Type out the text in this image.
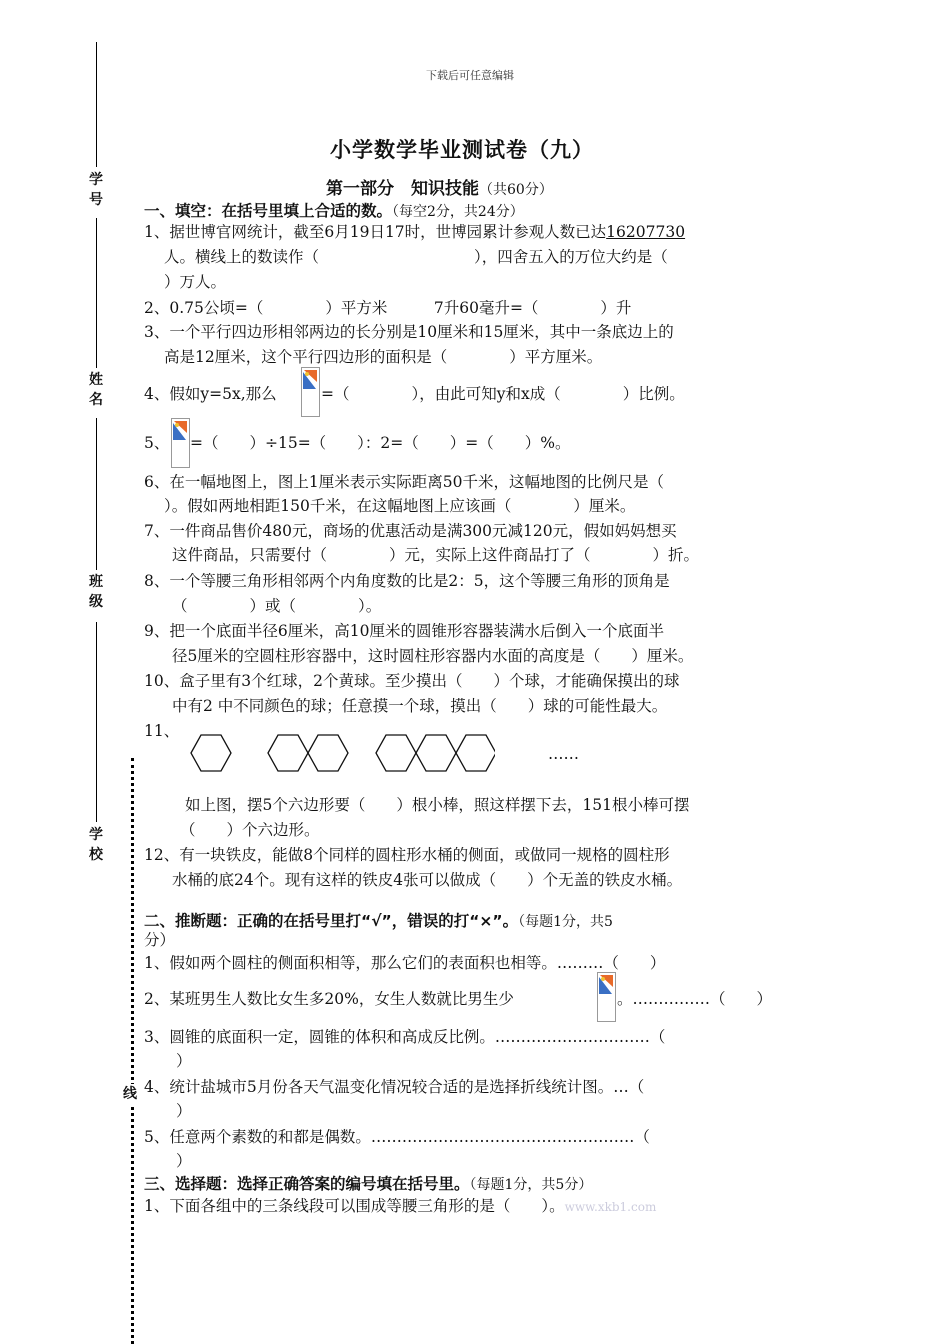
下载后可任意编辑
学　号
姓　名
班　级
学校
线
小学数学毕业测试卷（九）
第一部分　知识技能（共60分）
一、填空：在括号里填上合适的数。（每空2分，共24分）
1、据世博官网统计，截至6月19日17时，世博园累计参观人数已达16207730
人。横线上的数读作（　　　　　　　　　　），四舍五入的万位大约是（
）万人。
2、0.75公顷=（　　　　）平方米　　　7升60毫升=（　　　　）升
3、一个平行四边形相邻两边的长分别是10厘米和15厘米，其中一条底边上的
高是12厘米，这个平行四边形的面积是（　　　　）平方厘米。
4、假如y=5x,那么	=（　　　　），由此可知y和x成（　　　　）比例。
5、 =（　　）÷15=（　　）：2=（　　）=（　　）%。
6、在一幅地图上，图上1厘米表示实际距离50千米，这幅地图的比例尺是（
）。假如两地相距150千米，在这幅地图上应该画（　　　　）厘米。
7、一件商品售价480元，商场的优惠活动是满300元减120元，假如妈妈想买
这件商品，只需要付（　　　　）元，实际上这件商品打了（　　　　）折。
8、一个等腰三角形相邻两个内角度数的比是2：5，这个等腰三角形的顶角是
（　　　　）或（　　　　）。
9、把一个底面半径6厘米，高10厘米的圆锥形容器装满水后倒入一个底面半
径5厘米的空圆柱形容器中，这时圆柱形容器内水面的高度是（　　）厘米。
10、盒子里有3个红球，2个黄球。至少摸出（　　）个球，才能确保摸出的球
中有2 中不同颜色的球；任意摸一个球，摸出（　　）球的可能性最大。
11、
……
如上图，摆5个六边形要（　　）根小棒，照这样摆下去，151根小棒可摆
（　　）个六边形。
12、有一块铁皮，能做8个同样的圆柱形水桶的侧面，或做同一规格的圆柱形
水桶的底24个。现有这样的铁皮4张可以做成（　　）个无盖的铁皮水桶。
二、推断题：正确的在括号里打“√”，错误的打“×”。（每题1分，共5
分）
1、假如两个圆柱的侧面积相等，那么它们的表面积也相等。………（　　）
2、某班男生人数比女生多20%，女生人数就比男生少	。……………（　　）
3、圆锥的底面积一定，圆锥的体积和高成反比例。…………………………（
）
4、统计盐城市5月份各天气温变化情况较合适的是选择折线统计图。…（
）
5、任意两个素数的和都是偶数。……………………………………………（
）
三、选择题：选择正确答案的编号填在括号里。（每题1分，共5分）
1、下面各组中的三条线段可以围成等腰三角形的是（　　）。www.xkb1.com
